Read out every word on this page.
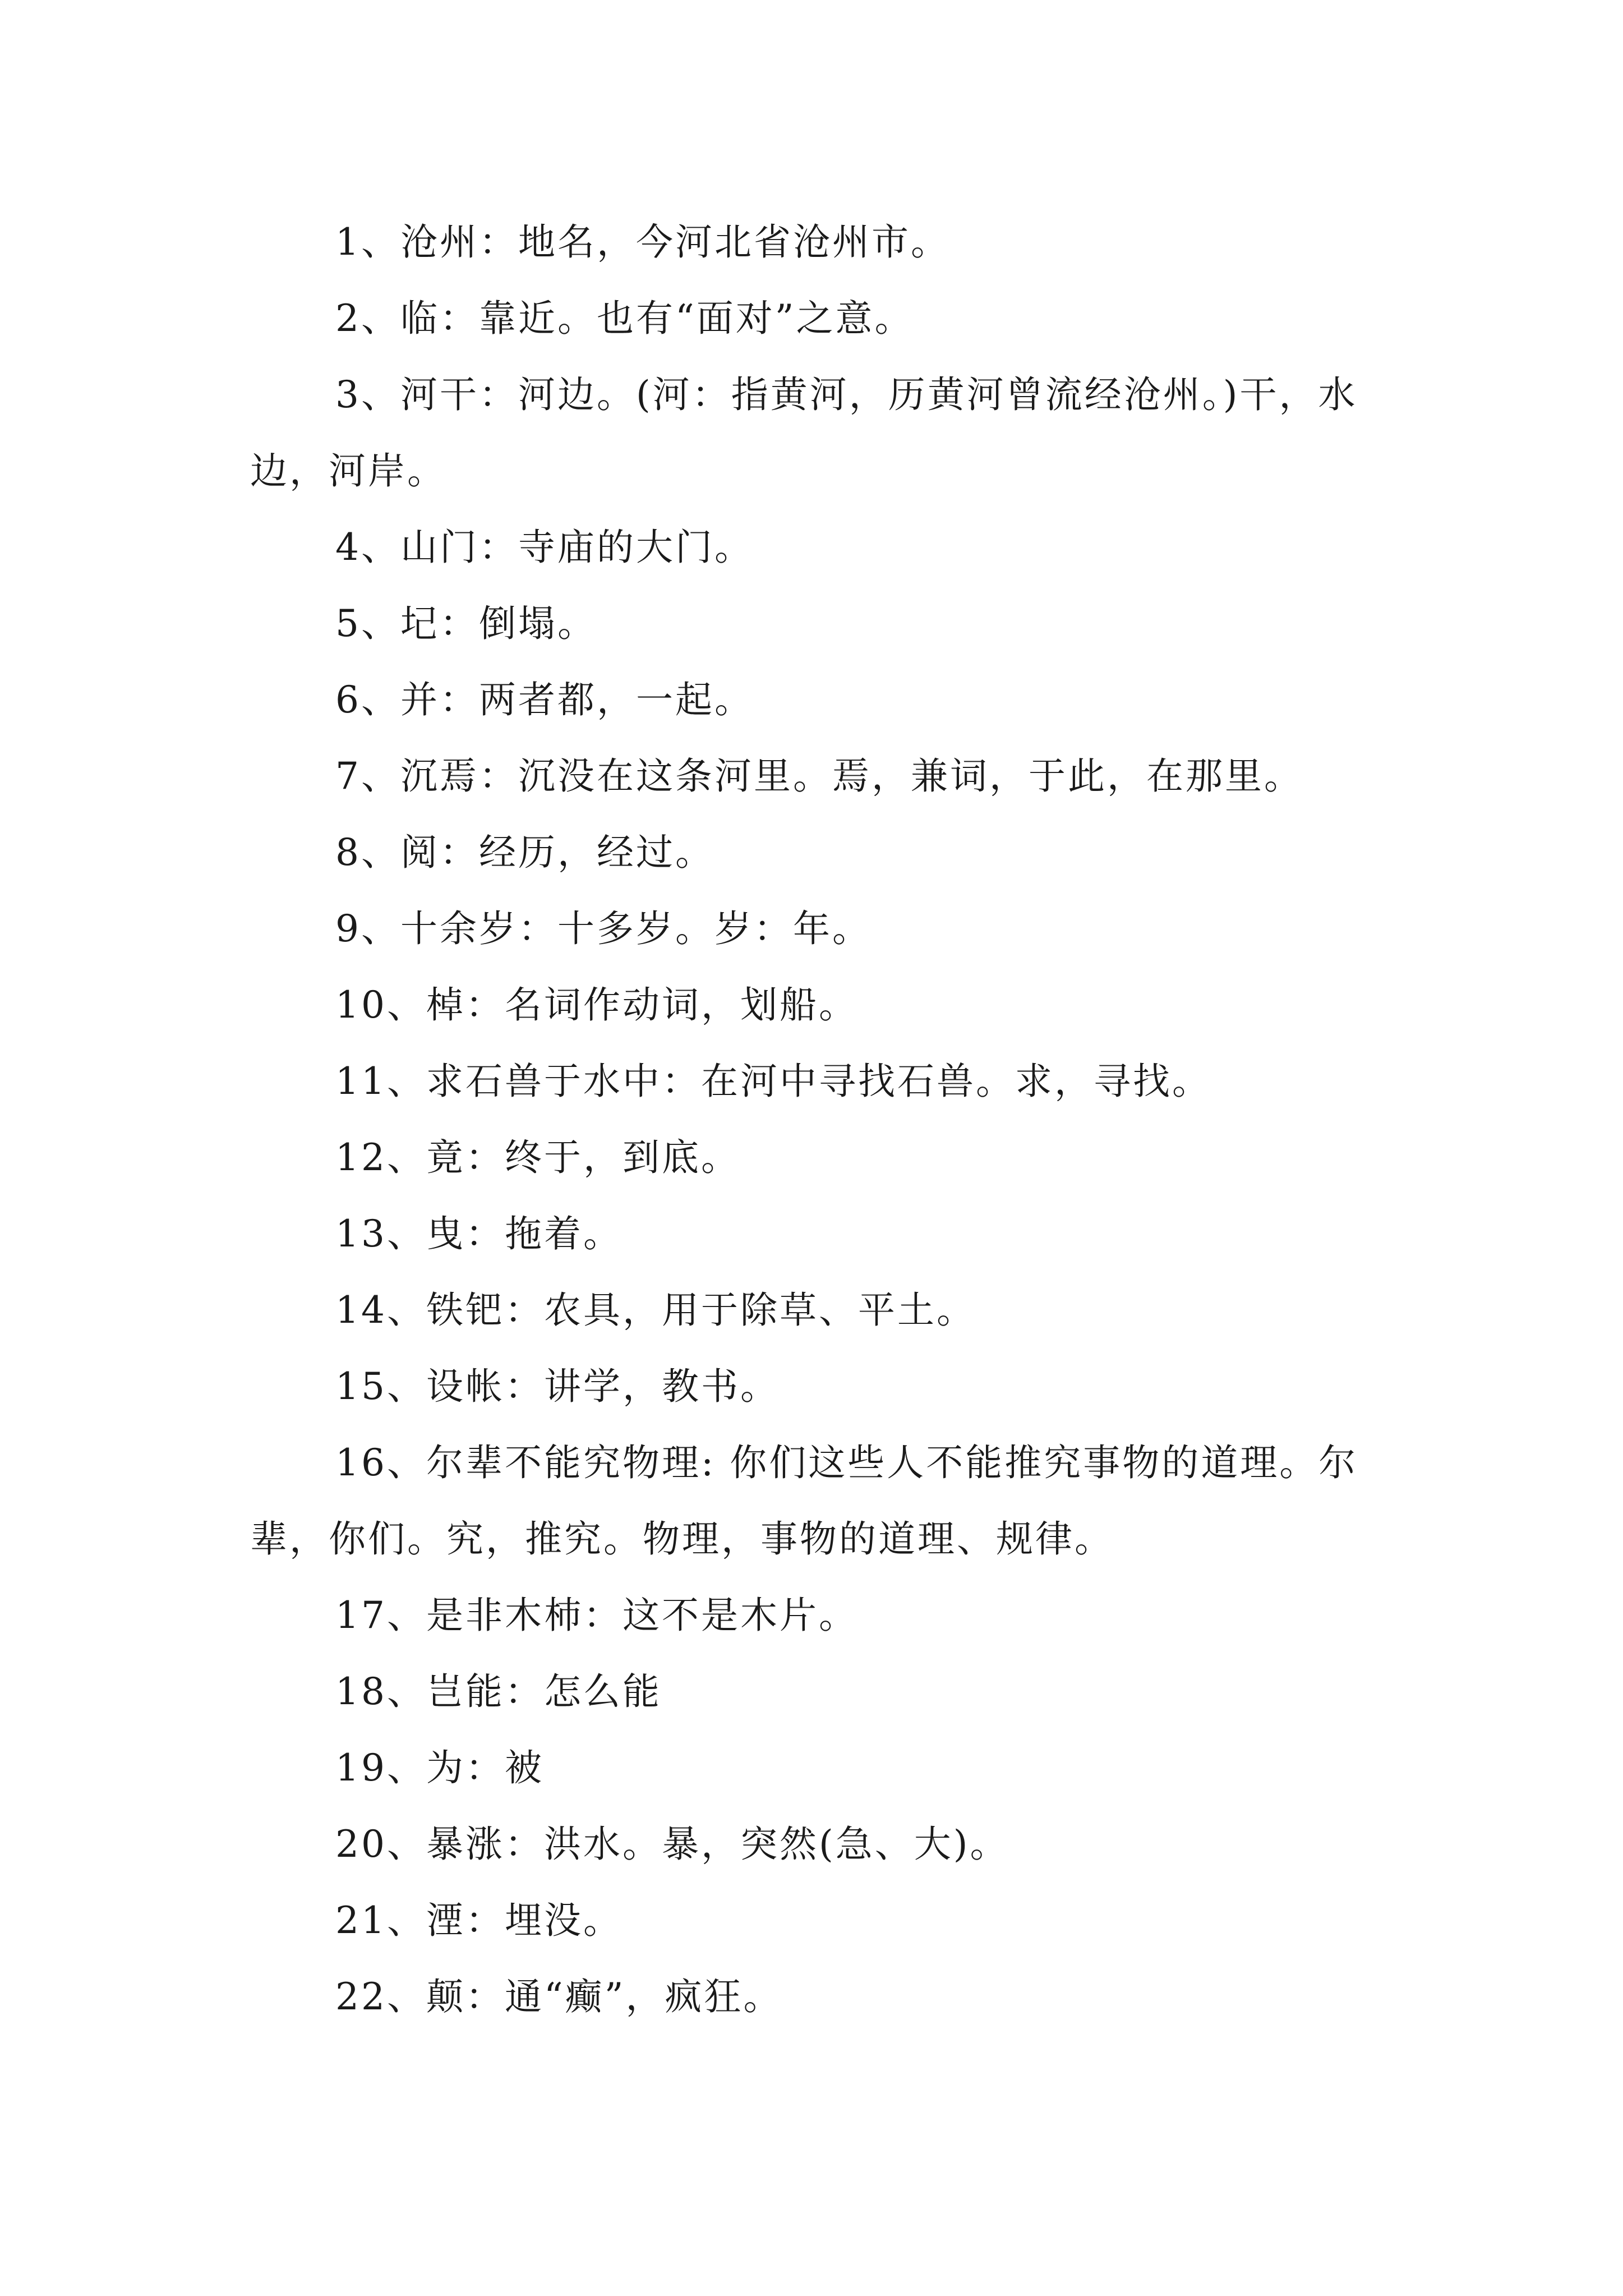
1、沧州：地名，今河北省沧州市。

2、临：靠近。也有“面对”之意。

3、河干：河边。(河：指黄河，历黄河曾流经沧州。)干，水边，河岸。

4、山门：寺庙的大门。

5、圮：倒塌。

6、并：两者都，一起。

7、沉焉：沉没在这条河里。焉，兼词，于此，在那里。

8、阅：经历，经过。

9、十余岁：十多岁。岁：年。

10、棹：名词作动词，划船。

11、求石兽于水中：在河中寻找石兽。求，寻找。

12、竟：终于，到底。

13、曳：拖着。

14、铁钯：农具，用于除草、平土。

15、设帐：讲学，教书。

16、尔辈不能究物理: 你们这些人不能推究事物的道理。尔辈，你们。究，推究。物理，事物的道理、规律。

17、是非木杮：这不是木片。

18、岂能：怎么能

19、为：被

20、暴涨：洪水。暴，突然(急、大)。

21、湮：埋没。

22、颠：通“癫”，疯狂。
